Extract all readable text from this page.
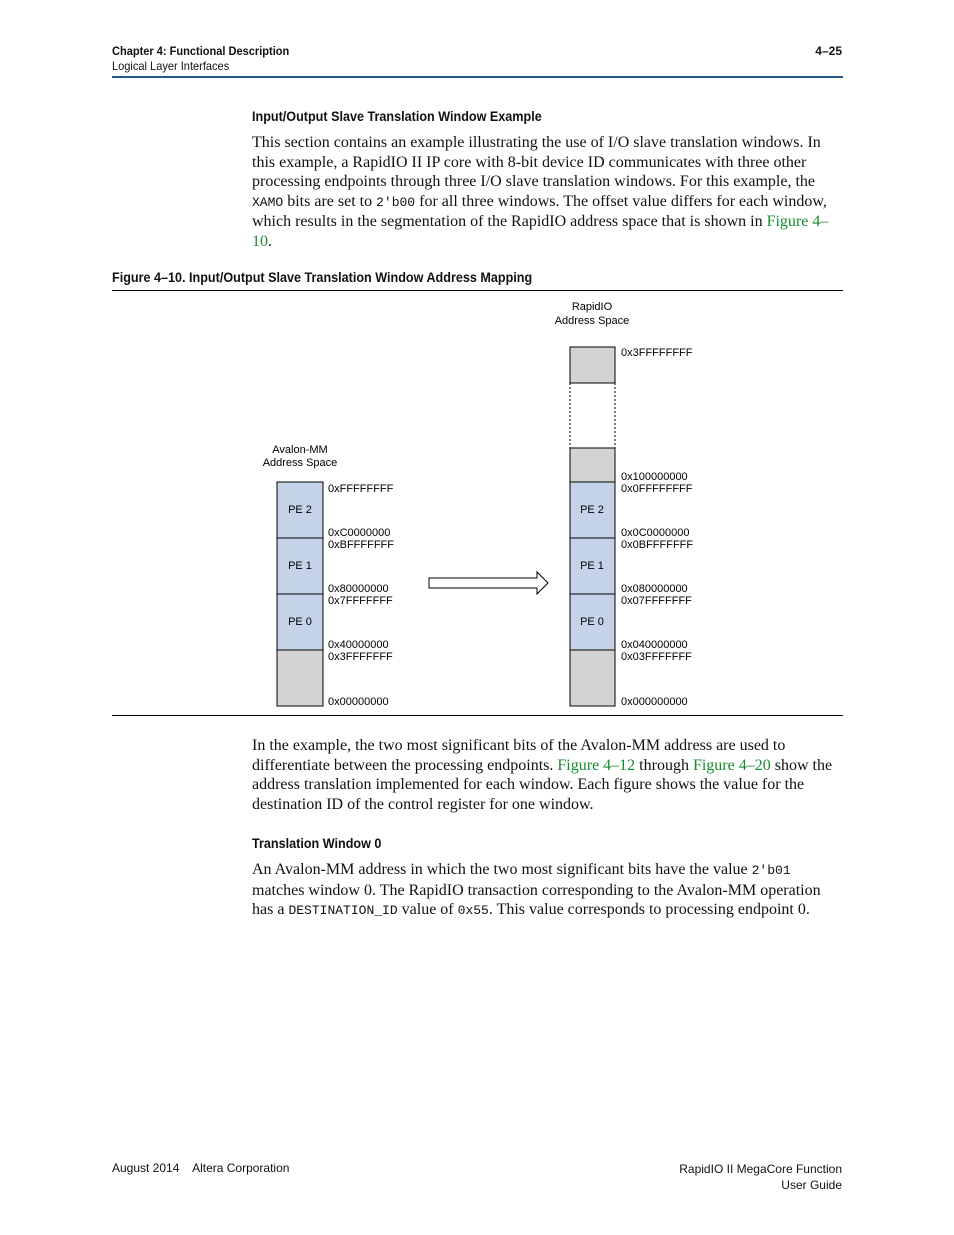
Chapter 4: Functional Description
Logical Layer Interfaces
4–25
Input/Output Slave Translation Window Example
This section contains an example illustrating the use of I/O slave translation windows. In this example, a RapidIO II IP core with 8-bit device ID communicates with three other processing endpoints through three I/O slave translation windows. For this example, the XAMO bits are set to 2'b00 for all three windows. The offset value differs for each window, which results in the segmentation of the RapidIO address space that is shown in Figure 4–10.
Figure 4–10. Input/Output Slave Translation Window Address Mapping
Avalon-MM
Address Space
RapidIO
Address Space
PE 2
PE 1
PE 0
0xFFFFFFFF
0xC0000000
0xBFFFFFFF
0x80000000
0x7FFFFFFF
0x40000000
0x3FFFFFFF
0x00000000
PE 2
PE 1
PE 0
0x3FFFFFFFF
0x100000000
0x0FFFFFFFF
0x0C0000000
0x0BFFFFFFF
0x080000000
0x07FFFFFFF
0x040000000
0x03FFFFFFF
0x000000000
In the example, the two most significant bits of the Avalon-MM address are used to differentiate between the processing endpoints. Figure 4–12 through Figure 4–20 show the address translation implemented for each window. Each figure shows the value for the destination ID of the control register for one window.
Translation Window 0
An Avalon-MM address in which the two most significant bits have the value 2'b01 matches window 0. The RapidIO transaction corresponding to the Avalon-MM operation has a DESTINATION_ID value of 0x55. This value corresponds to processing endpoint 0.
August 2014    Altera Corporation	RapidIO II MegaCore Function
User Guide
